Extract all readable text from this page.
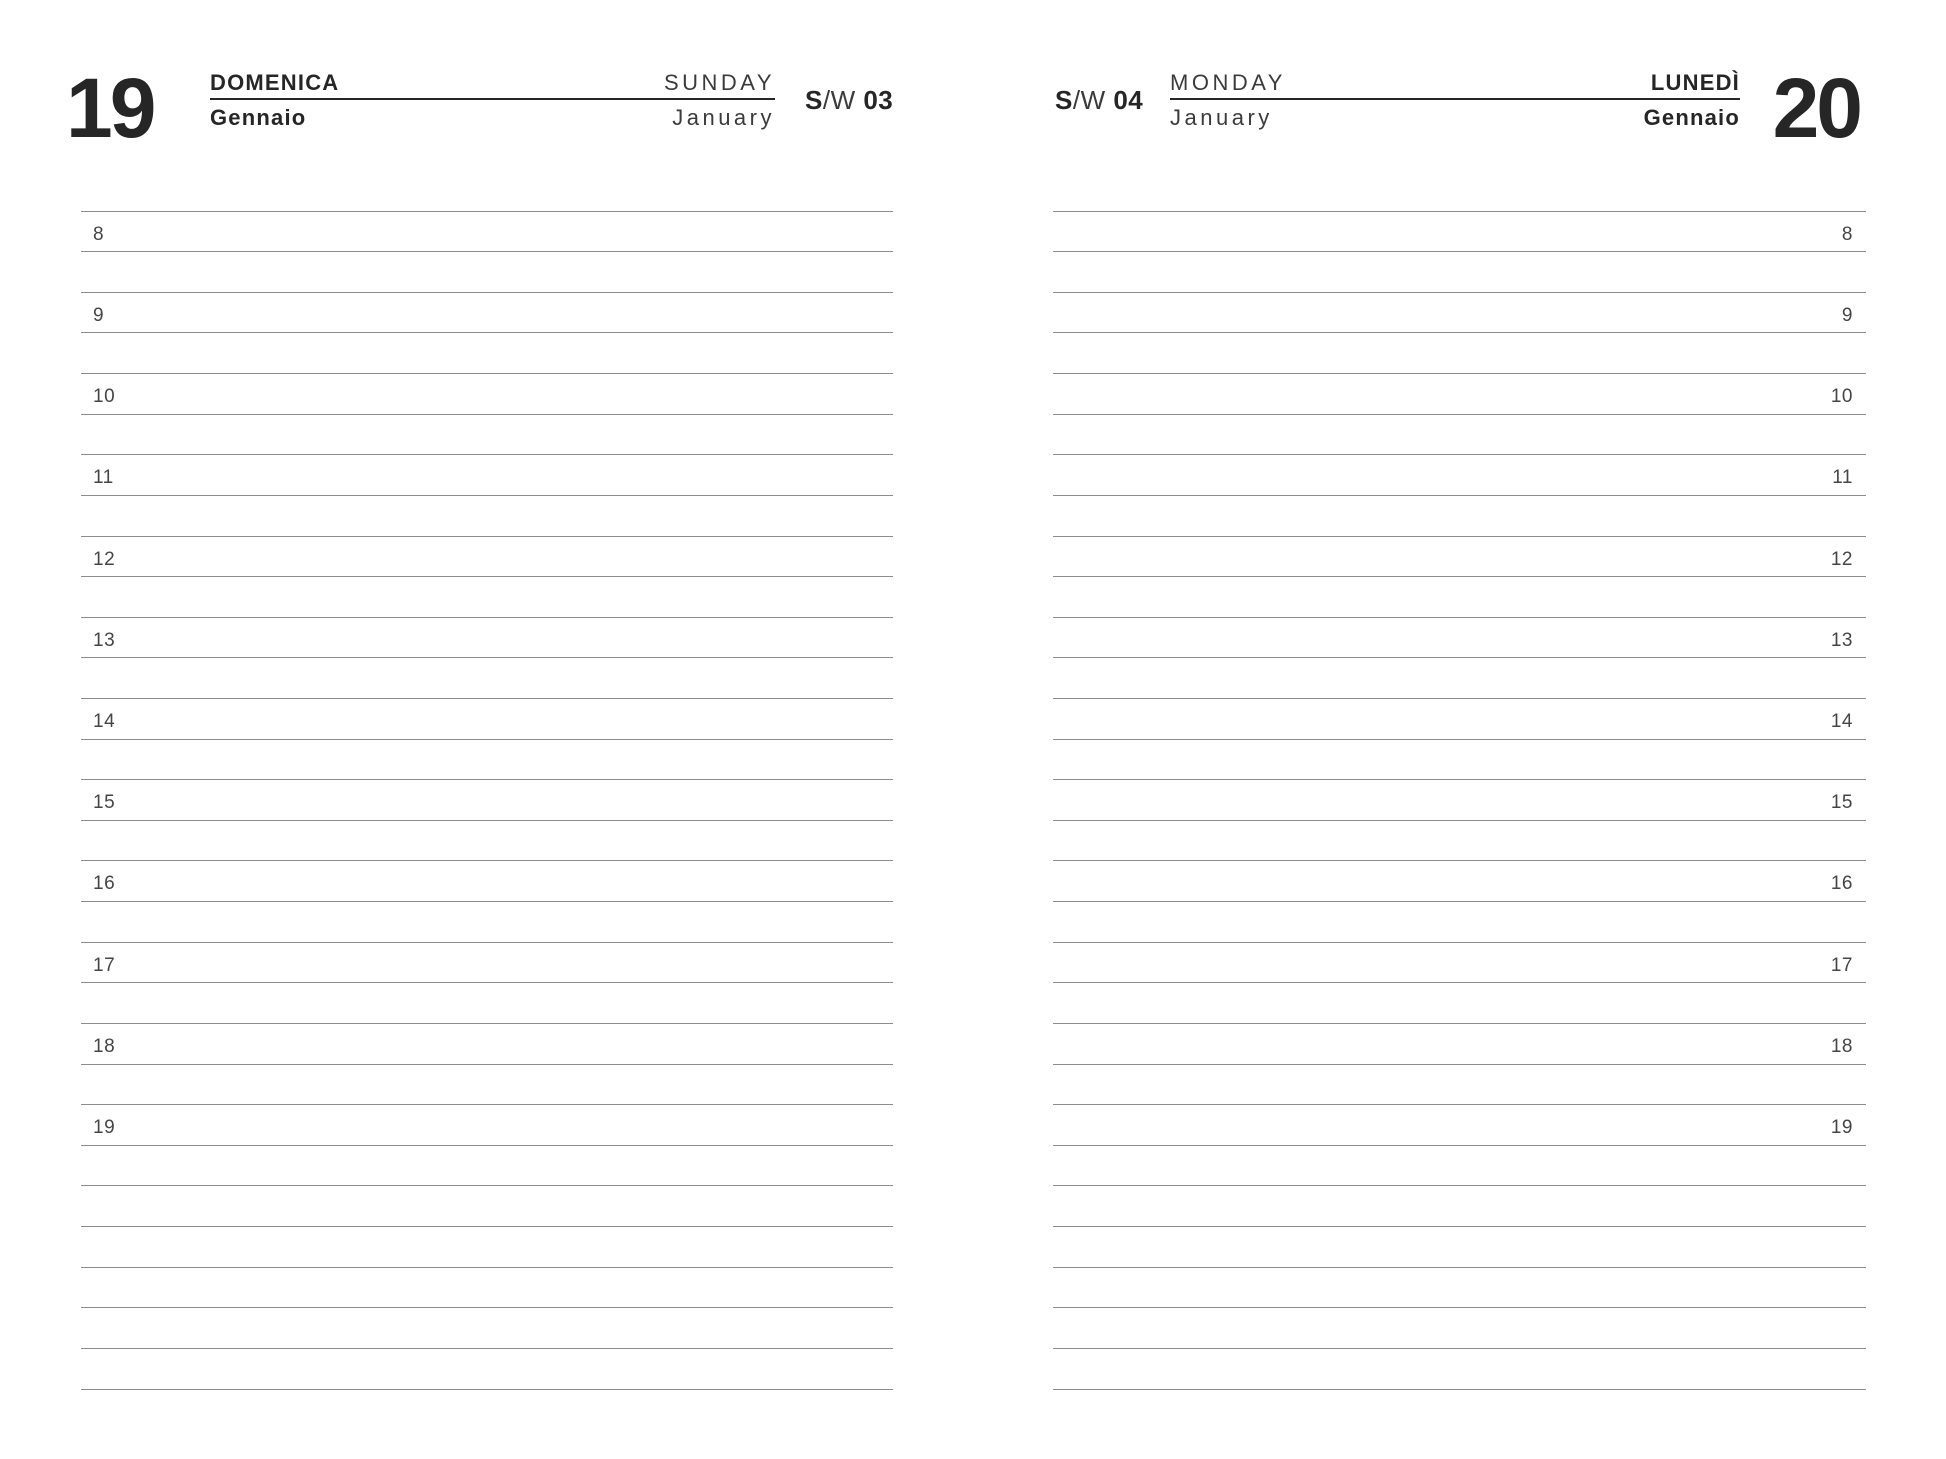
19	DOMENICA	SUNDAY
Gennaio	January
S/W 03
8
9
10
11
12
13
14
15
16
17
18
19
S/W 04
MONDAY	LUNEDÌ
January	Gennaio 20
8
9
10
11
12
13
14
15
16
17
18
19
